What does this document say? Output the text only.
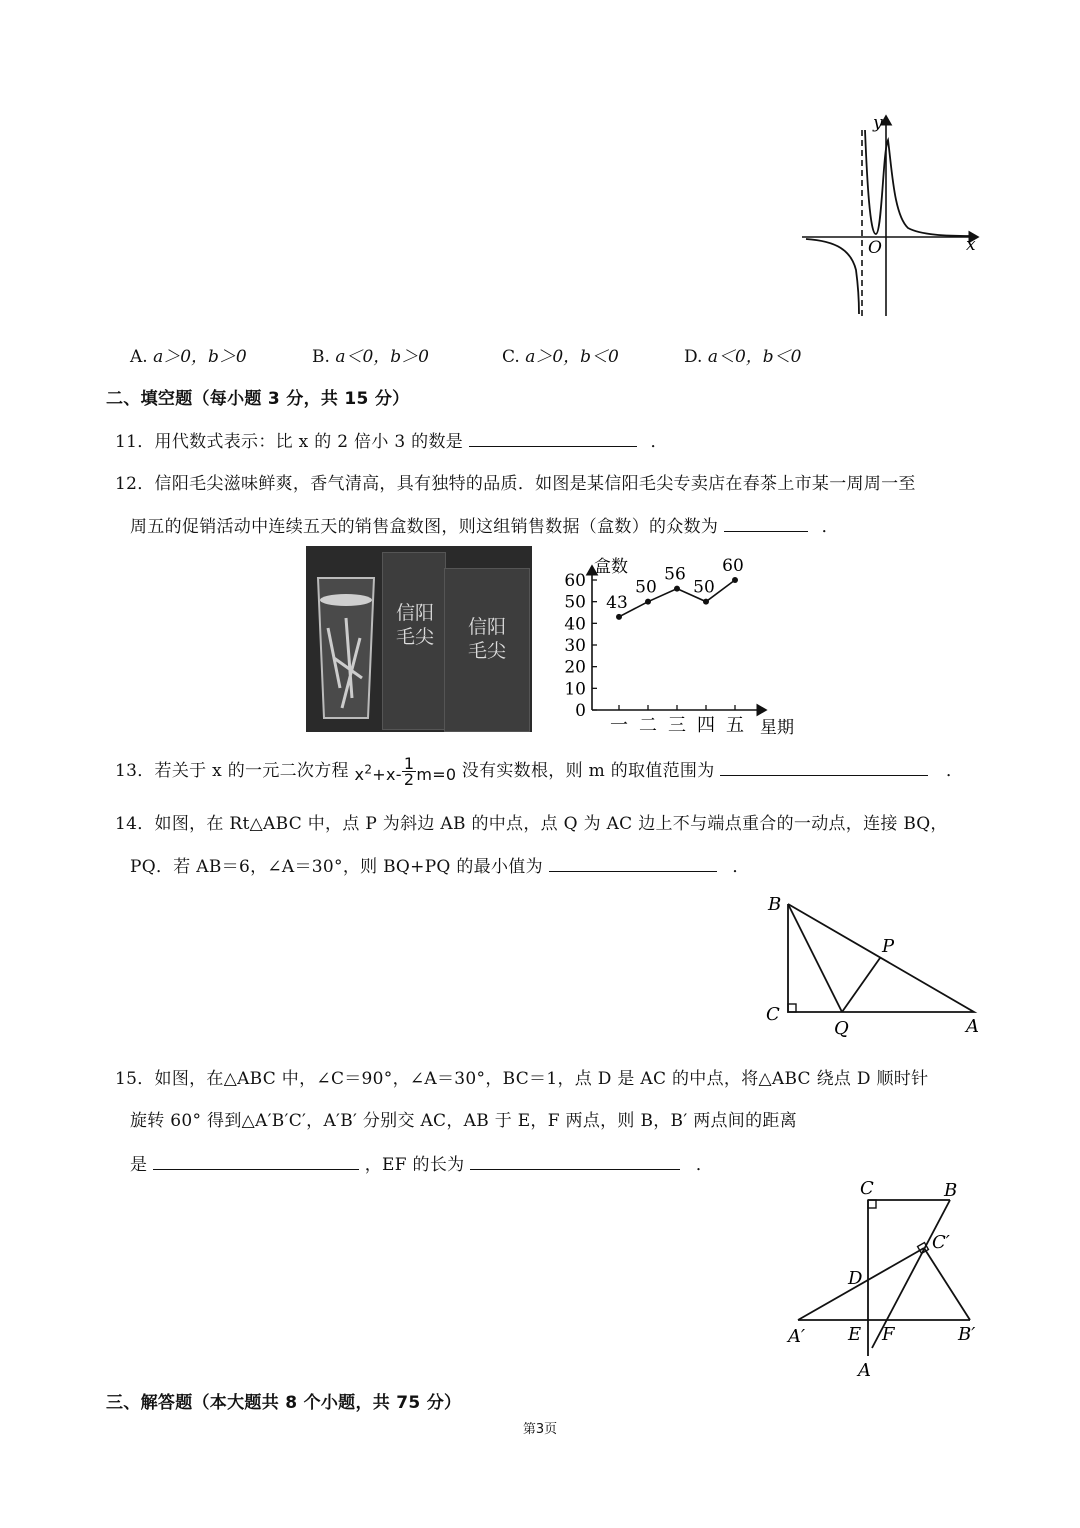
y
x
O
A. a＞0，b＞0	B. a＜0，b＞0	C. a＞0，b＜0	D. a＜0，b＜0
二、填空题（每小题 3 分，共 15 分）
11．用代数式表示：比 x 的 2 倍小 3 的数是	．
12．信阳毛尖滋味鲜爽，香气清高，具有独特的品质．如图是某信阳毛尖专卖店在春茶上市某一周周一至
周五的促销活动中连续五天的销售盒数图，则这组销售数据（盒数）的众数为	．
信阳
毛尖	信阳
毛尖
0
10
20
30
40
50
60
一 二 三 四 五
43
50
56
50
60
盒数
星期
13．若关于 x 的一元二次方程 $x^2+x- \frac{1}{2} m=0$ 没有实数根，则 m 的取值范围为	．
14．如图，在 Rt△ABC 中，点 P 为斜边 AB 的中点，点 Q 为 AC 边上不与端点重合的一动点，连接 BQ，
PQ．若 AB＝6，∠A＝30°，则 BQ+PQ 的最小值为	．
B
P
C
Q	A
15．如图，在△ABC 中，∠C＝90°，∠A＝30°，BC＝1，点 D 是 AC 的中点，将△ABC 绕点 D 顺时针
旋转 60° 得到△A′B′C′，A′B′ 分别交 AC，AB 于 E，F 两点，则 B，B′ 两点间的距离
是	，EF 的长为	．
C	B
C′
D
A′ E F	B′
A
三、解答题（本大题共 8 个小题，共 75 分）
第3页
